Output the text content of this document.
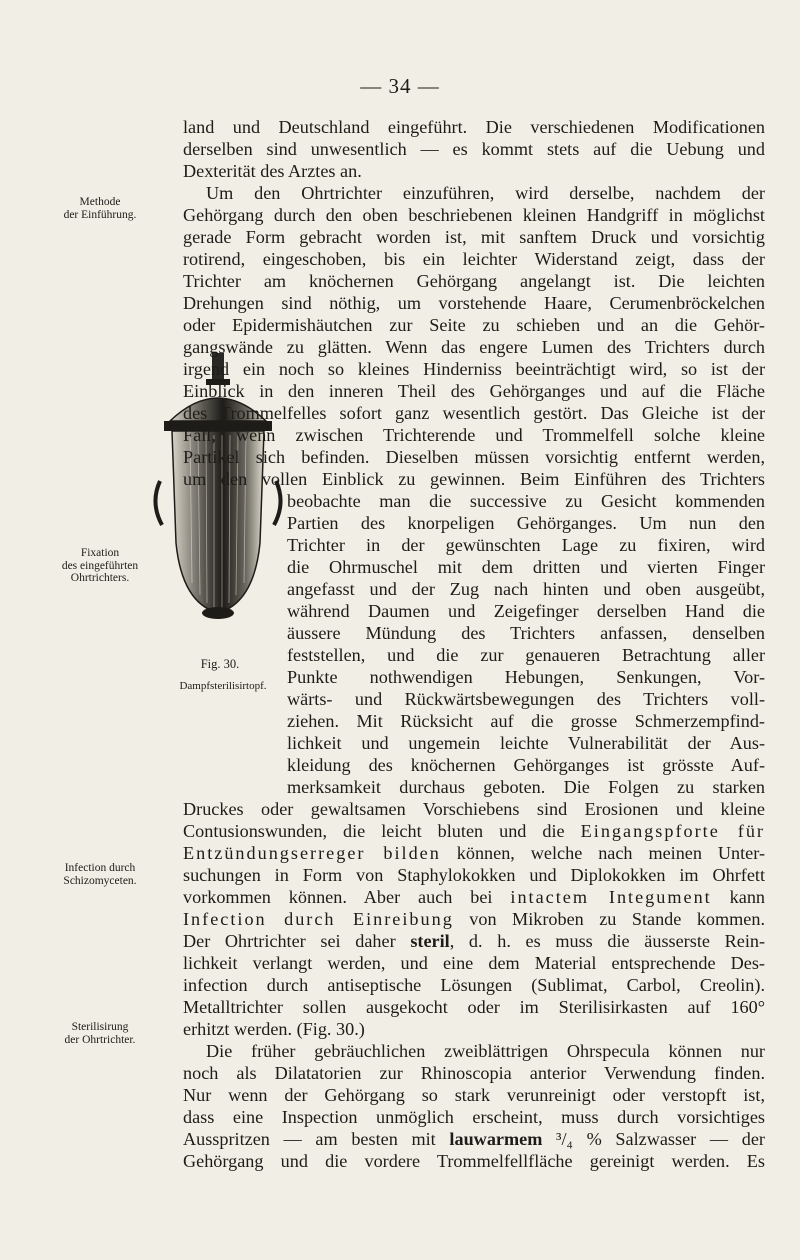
— 34 —
Methode
der Einführung.
Fixation
des eingeführten
Ohrtrichters.
Infection durch
Schizomyceten.
Sterilisirung
der Ohrtrichter.
Fig. 30.
Dampfsterilisirtopf.
land und Deutschland eingeführt. Die verschiedenen Modificationen
derselben sind unwesentlich — es kommt stets auf die Uebung und
Dexterität des Arztes an.
Um den Ohrtrichter einzuführen, wird derselbe, nachdem der
Gehörgang durch den oben beschriebenen kleinen Handgriff in möglichst
gerade Form gebracht worden ist, mit sanftem Druck und vorsichtig
rotirend, eingeschoben, bis ein leichter Widerstand zeigt, dass der
Trichter am knöchernen Gehörgang angelangt ist. Die leichten
Drehungen sind nöthig, um vorstehende Haare, Cerumenbröckelchen
oder Epidermishäutchen zur Seite zu schieben und an die Gehör-
gangswände zu glätten. Wenn das engere Lumen des Trichters durch
irgend ein noch so kleines Hinderniss beeinträchtigt wird, so ist der
Einblick in den inneren Theil des Gehörganges und auf die Fläche
des Trommelfelles sofort ganz wesentlich gestört. Das Gleiche ist der
Fall, wenn zwischen Trichterende und Trommelfell solche kleine
Partikel sich befinden. Dieselben müssen vorsichtig entfernt werden,
um den vollen Einblick zu gewinnen. Beim Einführen des Trichters
beobachte man die successive zu Gesicht kommenden
Partien des knorpeligen Gehörganges. Um nun den
Trichter in der gewünschten Lage zu fixiren, wird
die Ohrmuschel mit dem dritten und vierten Finger
angefasst und der Zug nach hinten und oben ausgeübt,
während Daumen und Zeigefinger derselben Hand die
äussere Mündung des Trichters anfassen, denselben
feststellen, und die zur genaueren Betrachtung aller
Punkte nothwendigen Hebungen, Senkungen, Vor-
wärts- und Rückwärtsbewegungen des Trichters voll-
ziehen. Mit Rücksicht auf die grosse Schmerzempfind-
lichkeit und ungemein leichte Vulnerabilität der Aus-
kleidung des knöchernen Gehörganges ist grösste Auf-
merksamkeit durchaus geboten. Die Folgen zu starken
Druckes oder gewaltsamen Vorschiebens sind Erosionen und kleine
Contusionswunden, die leicht bluten und die Eingangspforte für
Entzündungserreger bilden können, welche nach meinen Unter-
suchungen in Form von Staphylokokken und Diplokokken im Ohrfett
vorkommen können. Aber auch bei intactem Integument kann
Infection durch Einreibung von Mikroben zu Stande kommen.
Der Ohrtrichter sei daher steril, d. h. es muss die äusserste Rein-
lichkeit verlangt werden, und eine dem Material entsprechende Des-
infection durch antiseptische Lösungen (Sublimat, Carbol, Creolin).
Metalltrichter sollen ausgekocht oder im Sterilisirkasten auf 160°
erhitzt werden. (Fig. 30.)
Die früher gebräuchlichen zweiblättrigen Ohrspecula können nur
noch als Dilatatorien zur Rhinoscopia anterior Verwendung finden.
Nur wenn der Gehörgang so stark verunreinigt oder verstopft ist,
dass eine Inspection unmöglich erscheint, muss durch vorsichtiges
Ausspritzen — am besten mit lauwarmem ³/₄ % Salzwasser — der
Gehörgang und die vordere Trommelfellfläche gereinigt werden. Es
